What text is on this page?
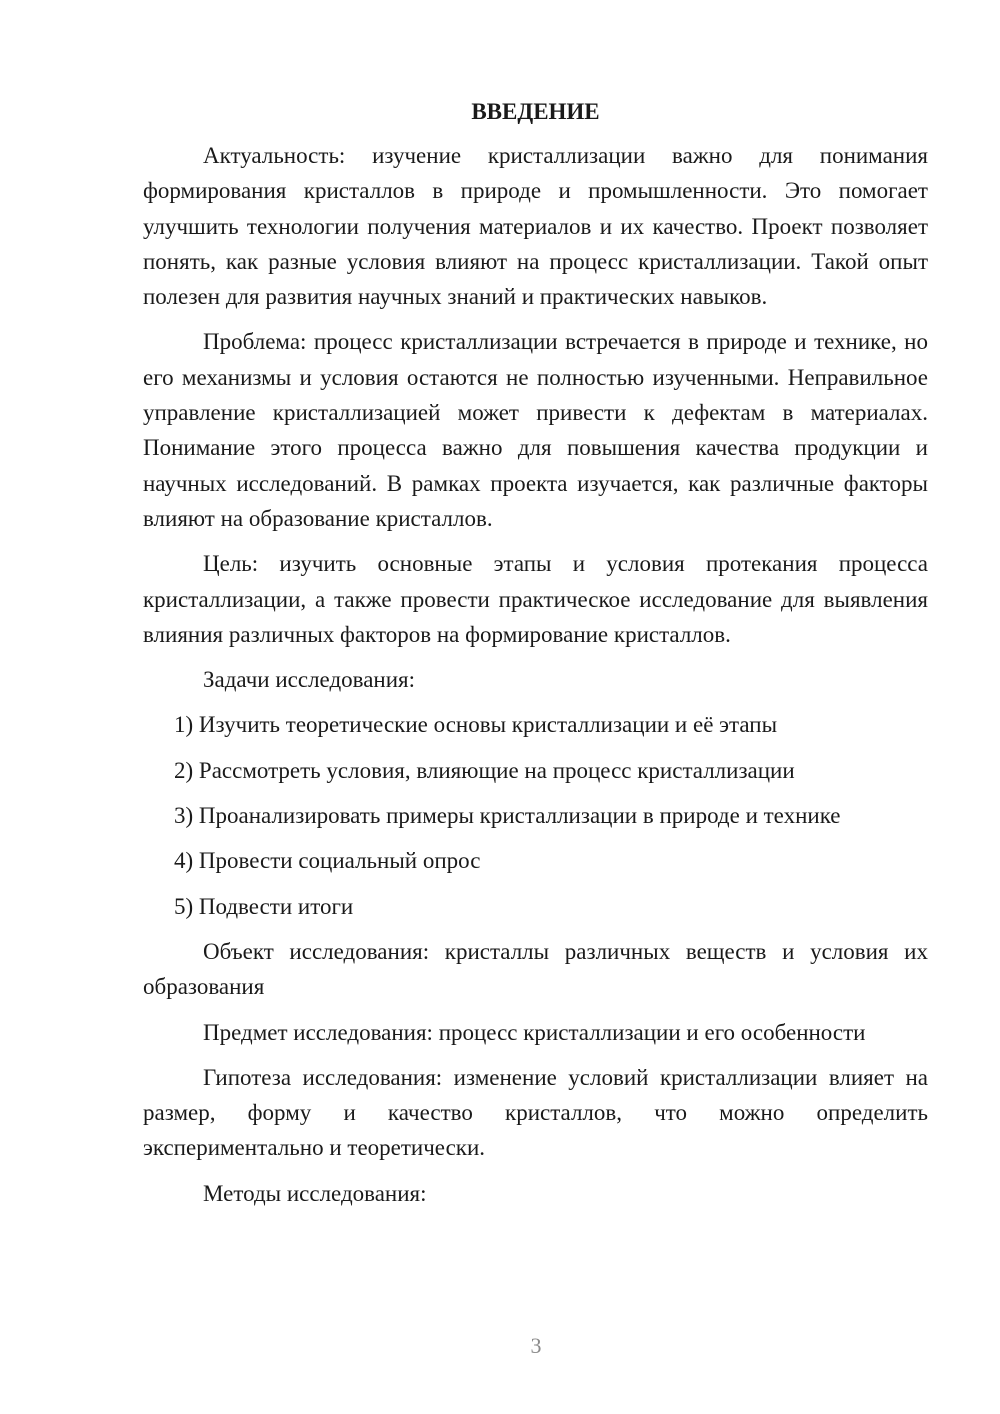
ВВЕДЕНИЕ

Актуальность: изучение кристаллизации важно для понимания формирования кристаллов в природе и промышленности. Это помогает улучшить технологии получения материалов и их качество. Проект позволяет понять, как разные условия влияют на процесс кристаллизации. Такой опыт полезен для развития научных знаний и практических навыков.

Проблема: процесс кристаллизации встречается в природе и технике, но его механизмы и условия остаются не полностью изученными. Неправильное управление кристаллизацией может привести к дефектам в материалах. Понимание этого процесса важно для повышения качества продукции и научных исследований. В рамках проекта изучается, как различные факторы влияют на образование кристаллов.

Цель: изучить основные этапы и условия протекания процесса кристаллизации, а также провести практическое исследование для выявления влияния различных факторов на формирование кристаллов.

Задачи исследования:

1) Изучить теоретические основы кристаллизации и её этапы

2) Рассмотреть условия, влияющие на процесс кристаллизации

3) Проанализировать примеры кристаллизации в природе и технике

4) Провести социальный опрос

5) Подвести итоги

Объект исследования: кристаллы различных веществ и условия их образования

Предмет исследования: процесс кристаллизации и его особенности

Гипотеза исследования: изменение условий кристаллизации влияет на размер, форму и качество кристаллов, что можно определить экспериментально и теоретически.

Методы исследования:

3
